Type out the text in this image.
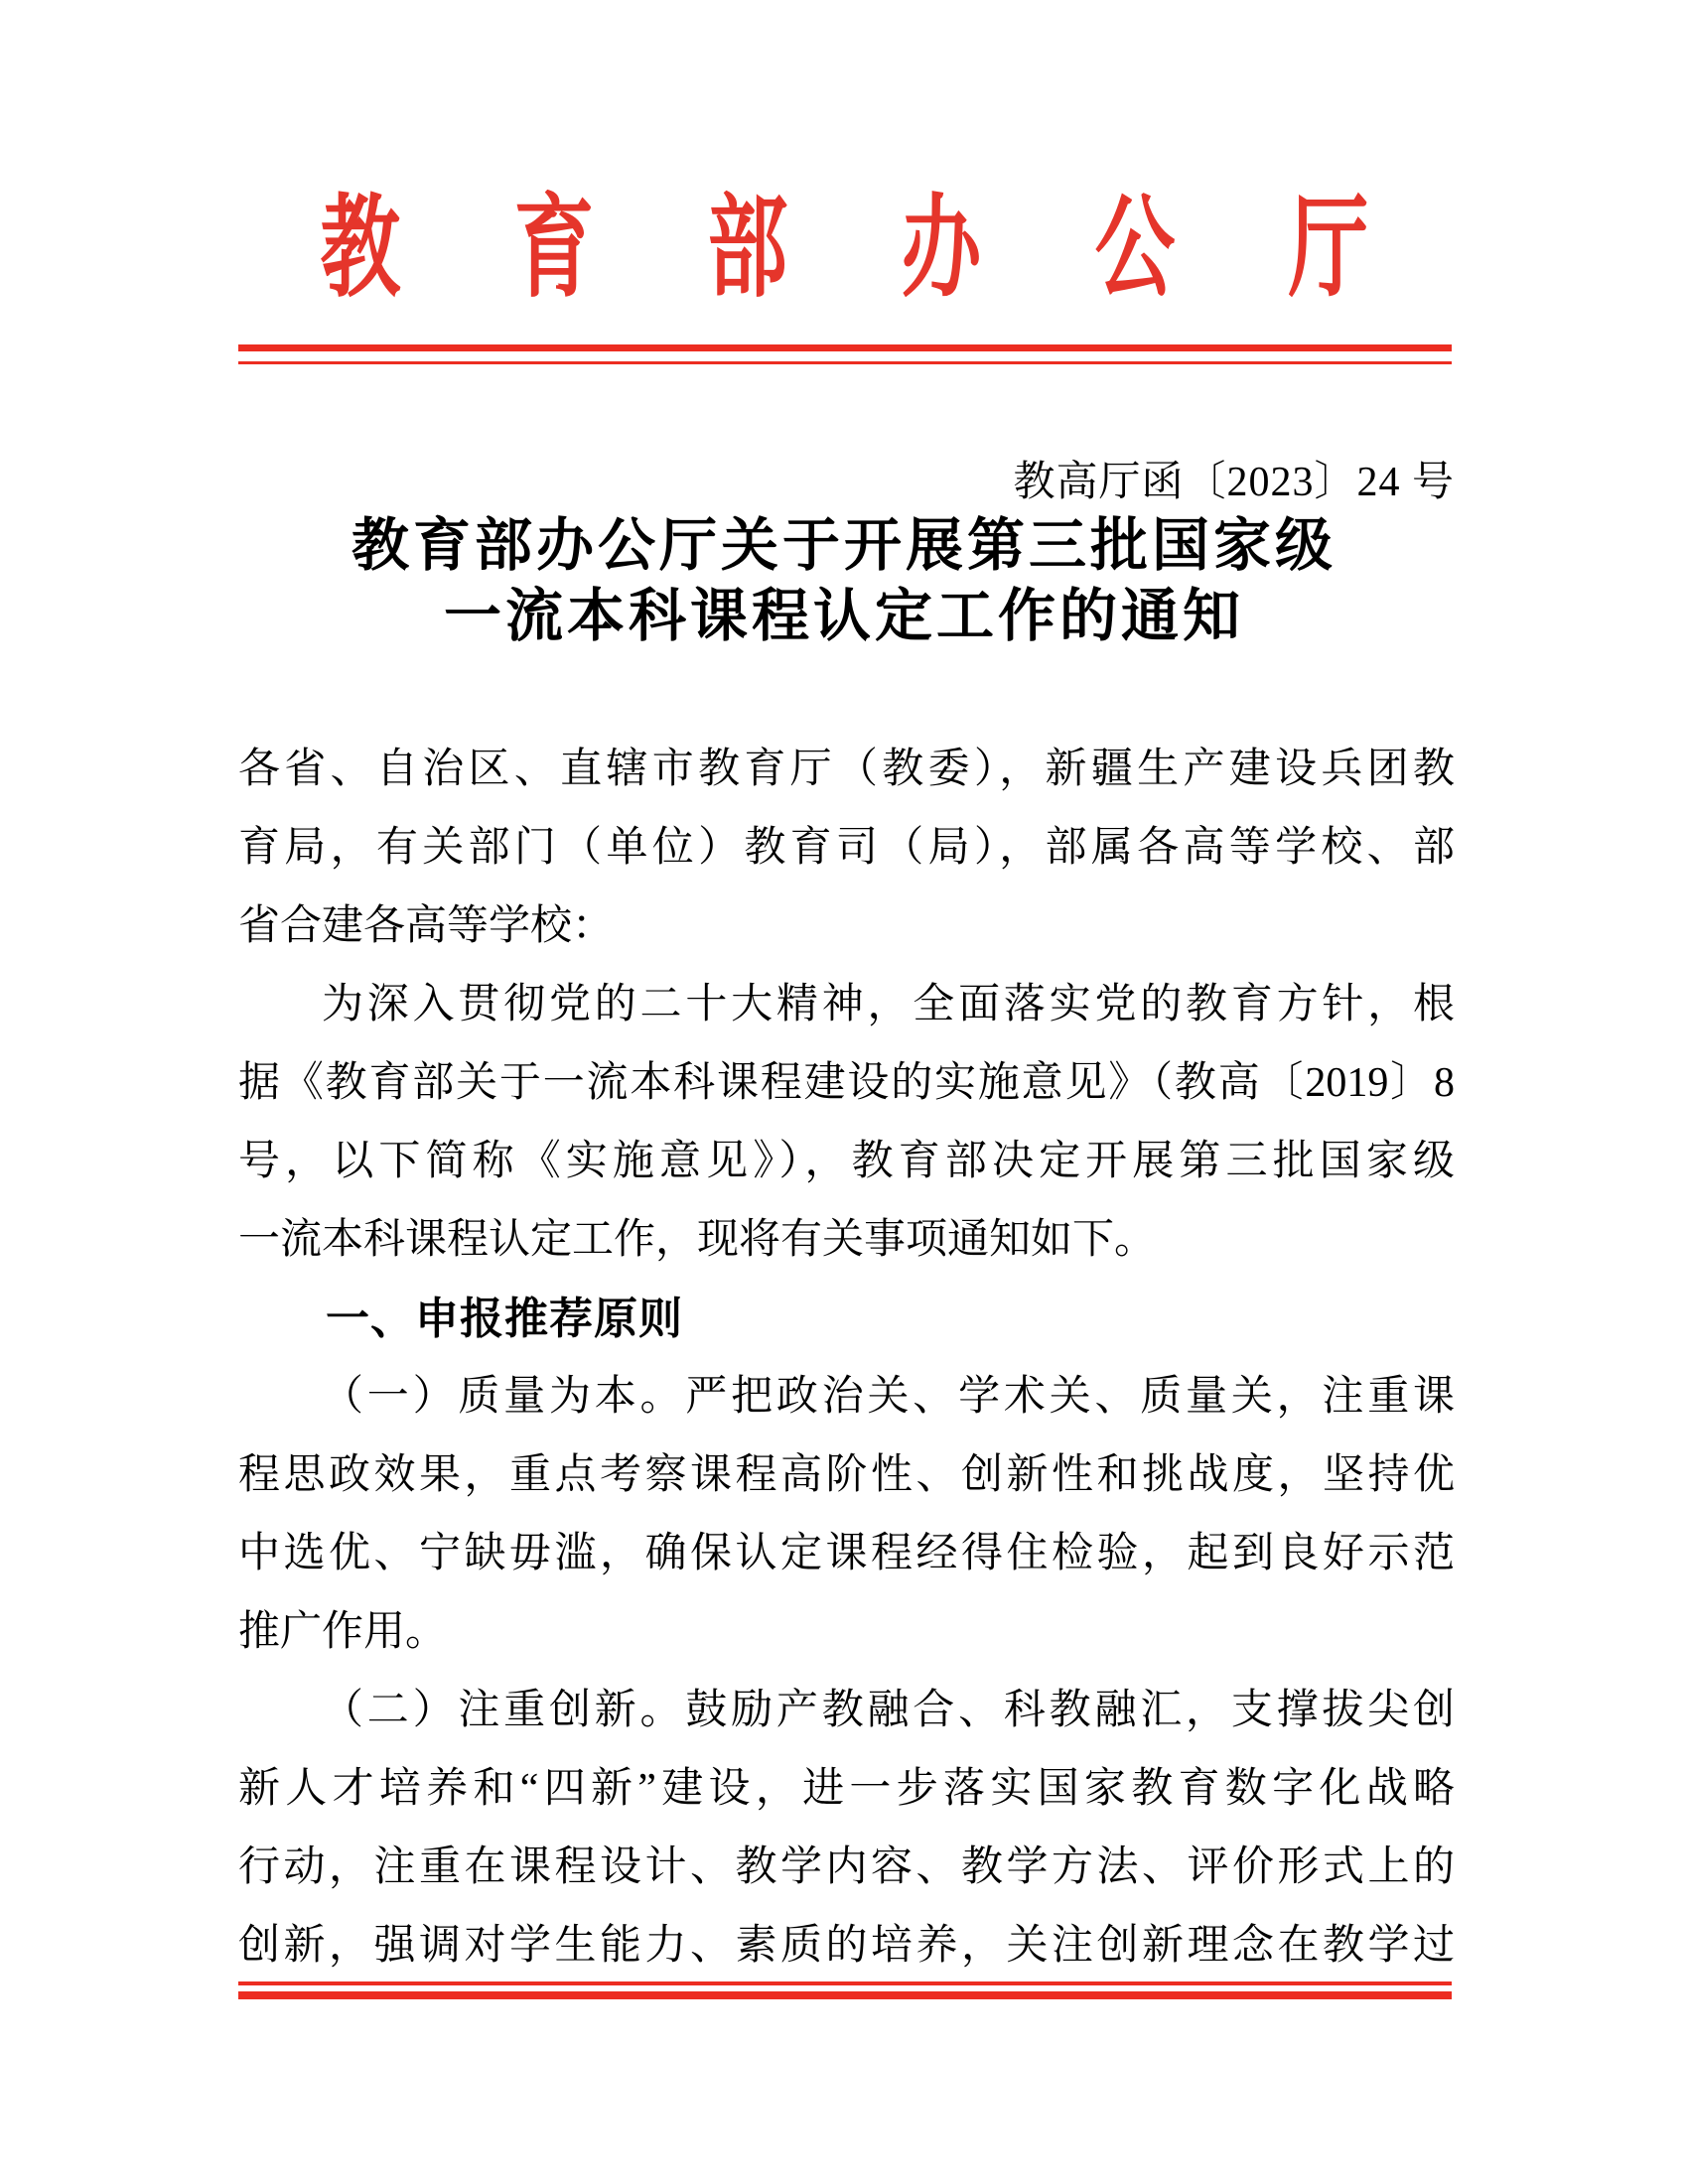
教 育 部 办 公 厅
教高厅函〔2023〕24 号
教育部办公厅关于开展第三批国家级
一流本科课程认定工作的通知
各省、自治区、直辖市教育厅（教委），新疆生产建设兵团教
育局，有关部门（单位）教育司（局），部属各高等学校、部
省合建各高等学校：
为深入贯彻党的二十大精神，全面落实党的教育方针，根
据《教育部关于一流本科课程建设的实施意见》（教高〔2019〕8
号，以下简称《实施意见》），教育部决定开展第三批国家级
一流本科课程认定工作，现将有关事项通知如下。
一、申报推荐原则
（一）质量为本。严把政治关、学术关、质量关，注重课
程思政效果，重点考察课程高阶性、创新性和挑战度，坚持优
中选优、宁缺毋滥，确保认定课程经得住检验，起到良好示范
推广作用。
（二）注重创新。鼓励产教融合、科教融汇，支撑拔尖创
新人才培养和“四新”建设，进一步落实国家教育数字化战略
行动，注重在课程设计、教学内容、教学方法、评价形式上的
创新，强调对学生能力、素质的培养，关注创新理念在教学过
